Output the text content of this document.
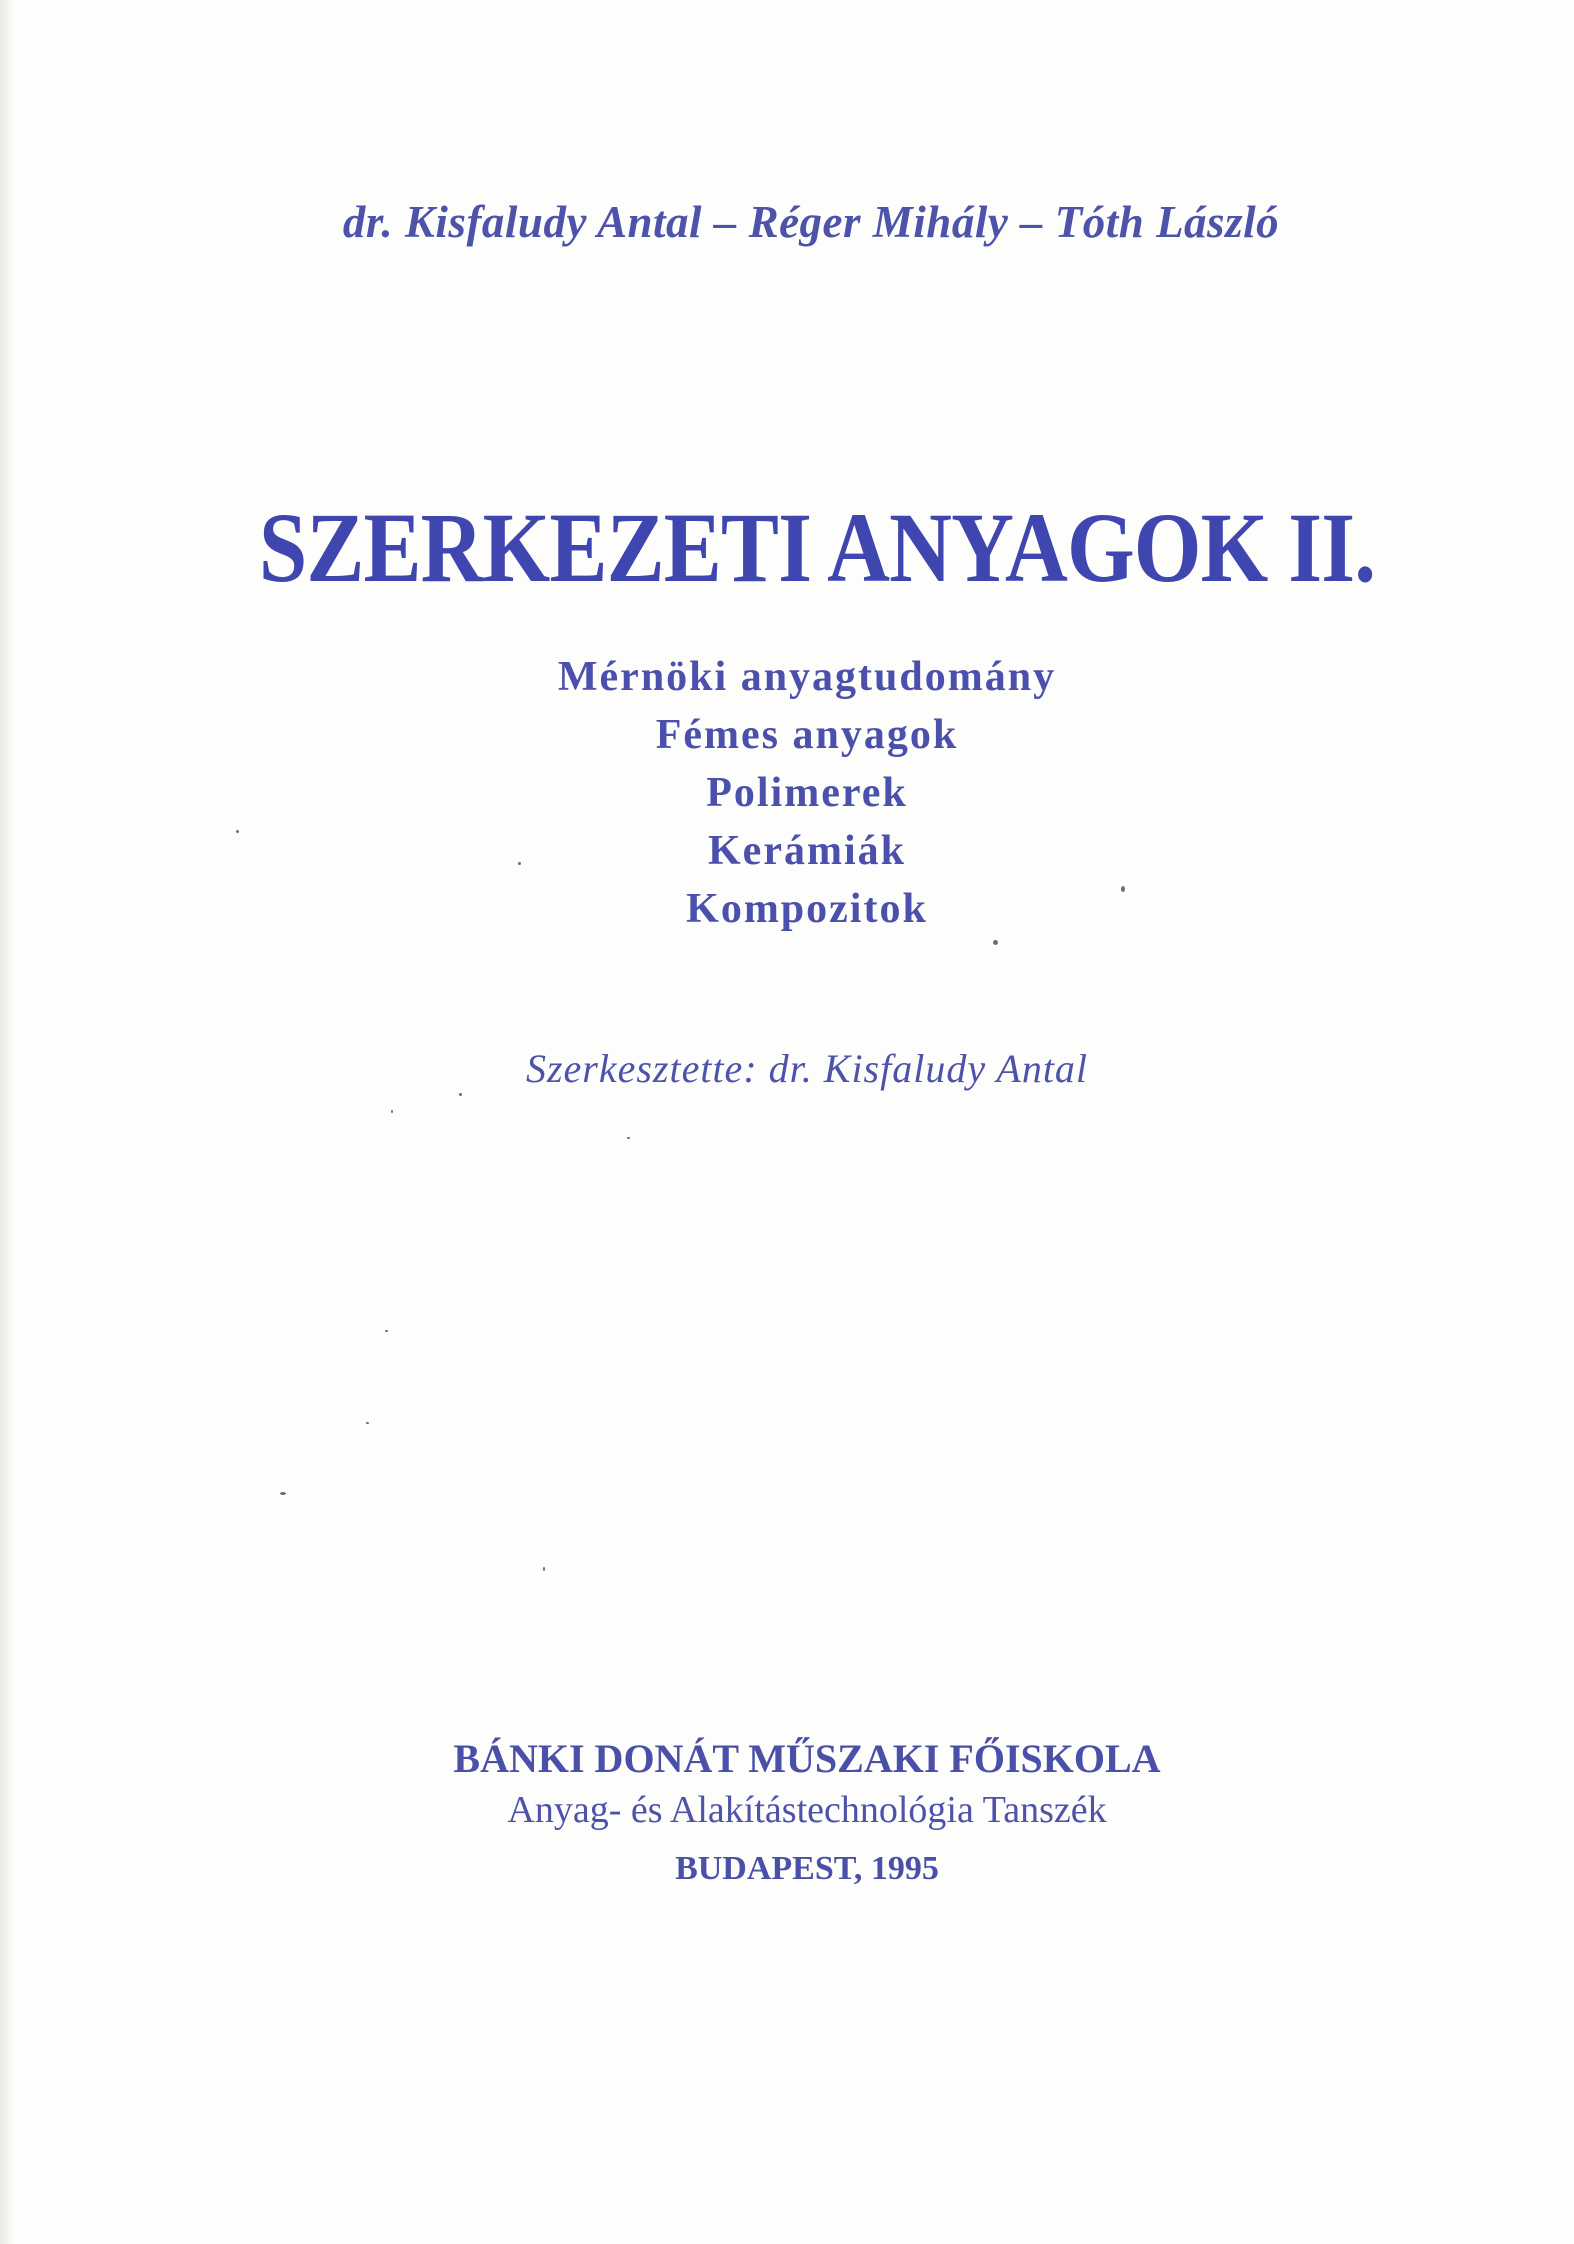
dr. Kisfaludy Antal – Réger Mihály – Tóth László
SZERKEZETI ANYAGOK II.
Mérnöki anyagtudomány
Fémes anyagok
Polimerek
Kerámiák
Kompozitok
Szerkesztette: dr. Kisfaludy Antal
BÁNKI DONÁT MŰSZAKI FŐISKOLA
Anyag- és Alakítástechnológia Tanszék
BUDAPEST, 1995
